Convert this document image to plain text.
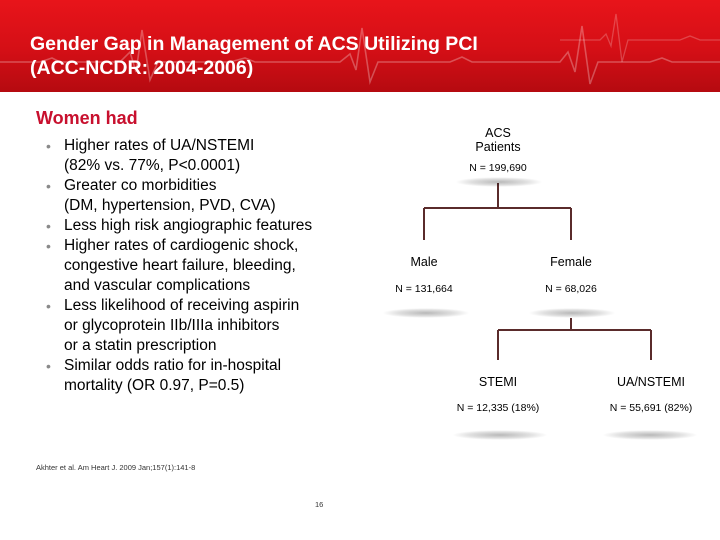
Gender Gap in Management of ACS Utilizing PCI
(ACC-NCDR: 2004-2006)
Women had
• Higher rates of UA/NSTEMI
(82% vs. 77%, P<0.0001)
• Greater co morbidities
(DM, hypertension, PVD, CVA)
• Less high risk angiographic features
• Higher rates of cardiogenic shock,
congestive heart failure, bleeding,
and vascular complications
• Less likelihood of receiving aspirin
or glycoprotein IIb/IIIa inhibitors
or a statin prescription
• Similar odds ratio for in-hospital
mortality (OR 0.97, P=0.5)
ACS
Patients
N = 199,690
Male
N = 131,664
Female
N = 68,026
STEMI
N = 12,335 (18%)
UA/NSTEMI
N = 55,691 (82%)
Akhter et al. Am Heart J. 2009 Jan;157(1):141-8
16
